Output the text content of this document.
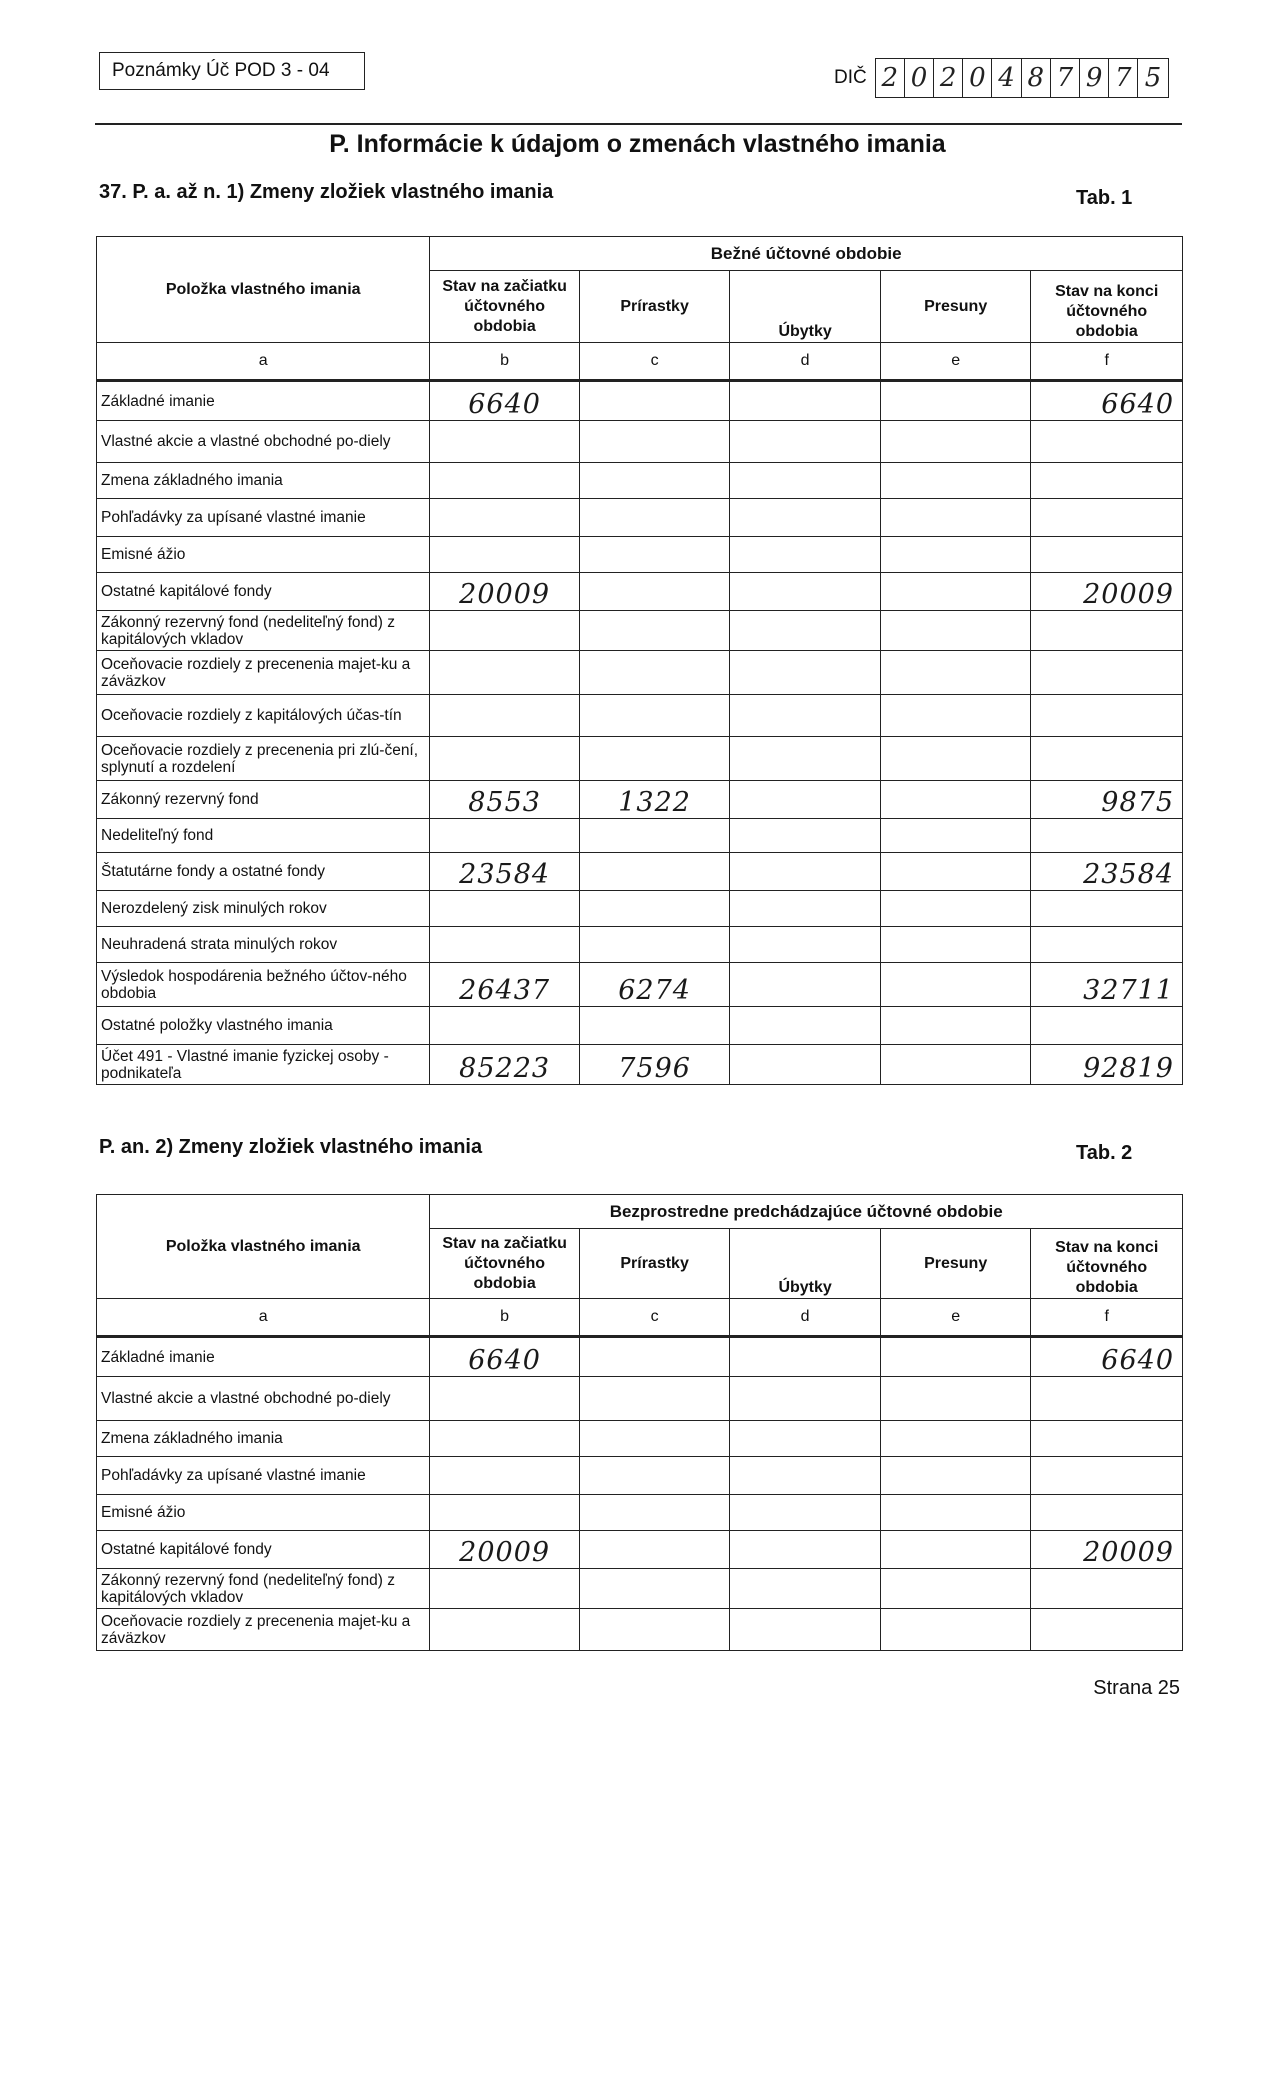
Poznámky Úč POD 3 - 04	DIČ 2 0 2 0 4 8 7 9 7 5
P. Informácie k údajom o zmenách vlastného imania
37. P. a. až n. 1) Zmeny zložiek vlastného imania	Tab. 1
Položka vlastného imania	Bežné účtovné obdobie				
	Stav na začiatku účtovného obdobia	Prírastky	Úbytky	Presuny	Stav na konci účtovného obdobia
a	b	c	d	e	f
Základné imanie	6640				6640
Vlastné akcie a vlastné obchodné po-diely					
Zmena základného imania					
Pohľadávky za upísané vlastné imanie					
Emisné ážio					
Ostatné kapitálové fondy	20009				20009
Zákonný rezervný fond (nedeliteľný fond) z kapitálových vkladov					
Oceňovacie rozdiely z precenenia majet-ku a záväzkov					
Oceňovacie rozdiely z kapitálových účas-tín					
Oceňovacie rozdiely z precenenia pri zlú-čení, splynutí a rozdelení					
Zákonný rezervný fond	8553	1322			9875
Nedeliteľný fond					
Štatutárne fondy a ostatné fondy	23584				23584
Nerozdelený zisk minulých rokov					
Neuhradená strata minulých rokov					
Výsledok hospodárenia bežného účtov-ného obdobia	26437	6274			32711
Ostatné položky vlastného imania					
Účet 491 - Vlastné imanie fyzickej osoby - podnikateľa	85223	7596			92819
P. an. 2) Zmeny zložiek vlastného imania	Tab. 2
Položka vlastného imania	Bezprostredne predchádzajúce účtovné obdobie				
	Stav na začiatku účtovného obdobia	Prírastky	Úbytky	Presuny	Stav na konci účtovného obdobia
a	b	c	d	e	f
Základné imanie	6640				6640
Vlastné akcie a vlastné obchodné po-diely					
Zmena základného imania					
Pohľadávky za upísané vlastné imanie					
Emisné ážio					
Ostatné kapitálové fondy	20009				20009
Zákonný rezervný fond (nedeliteľný fond) z kapitálových vkladov					
Oceňovacie rozdiely z precenenia majet-ku a záväzkov					
Strana 25
